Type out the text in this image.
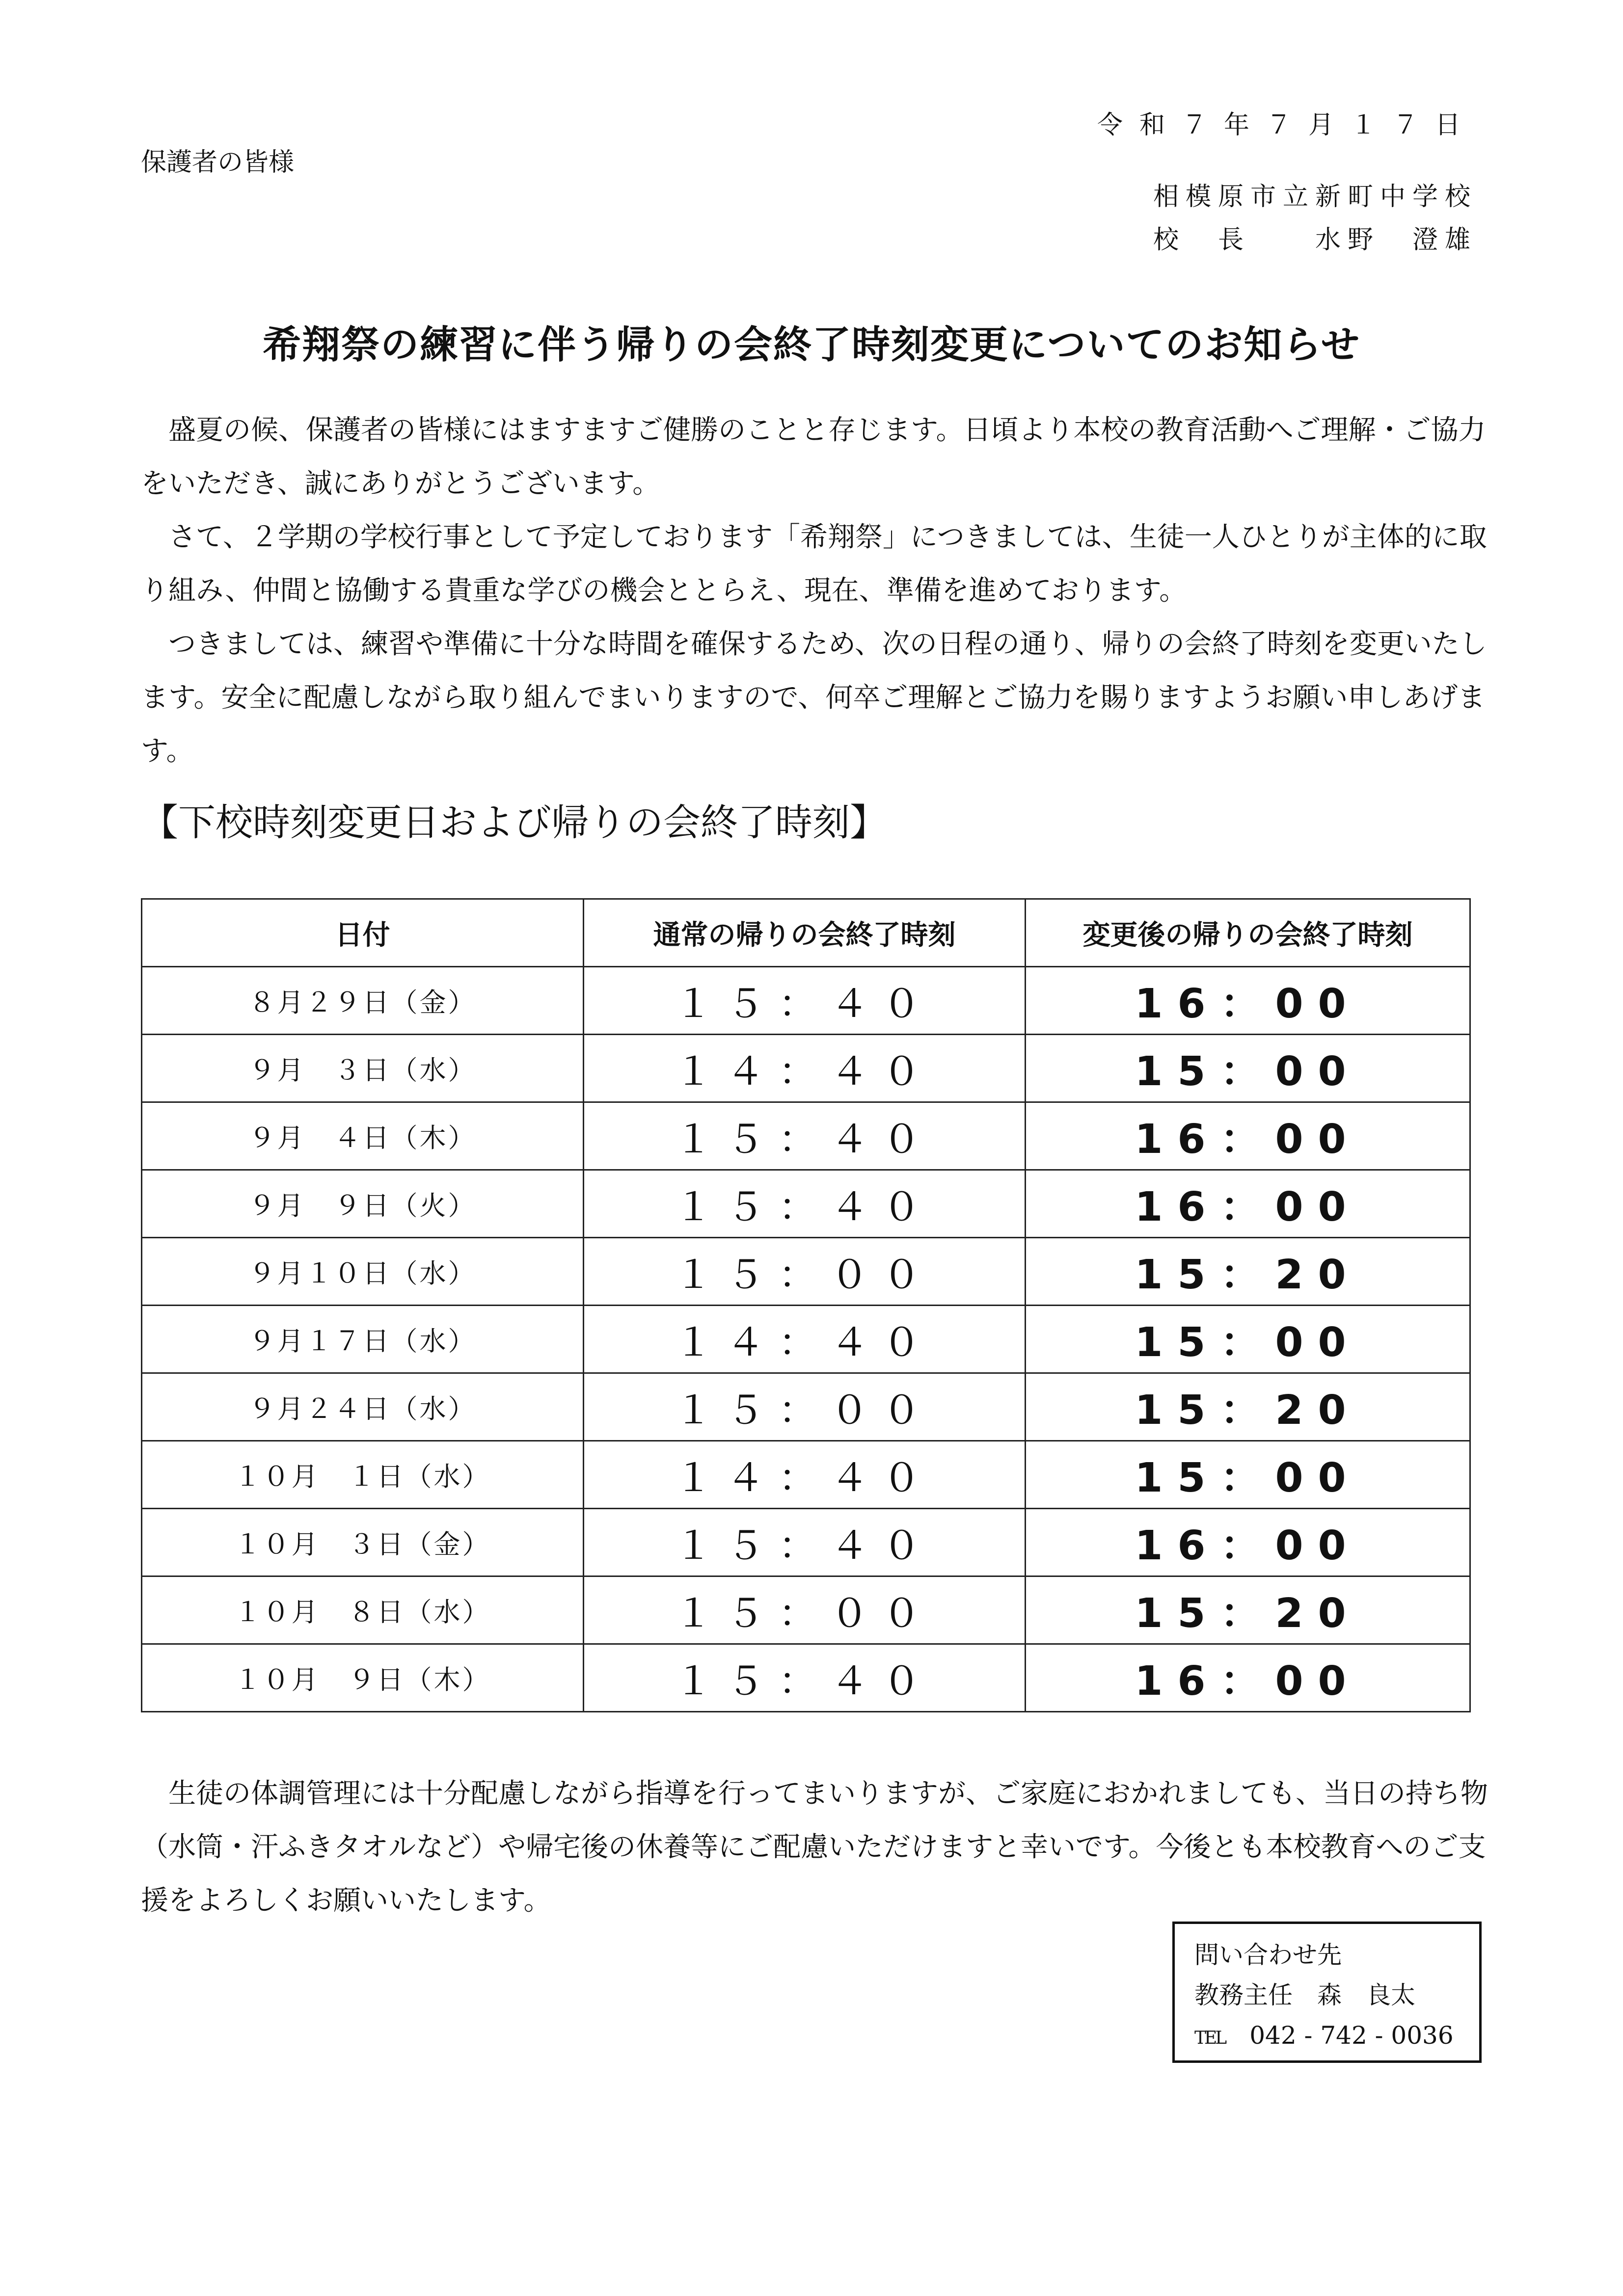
令和７年７月１７日
保護者の皆様
相模原市立新町中学校
校　長　　水野　澄雄
希翔祭の練習に伴う帰りの会終了時刻変更についてのお知らせ

盛夏の候、保護者の皆様にはますますご健勝のことと存じます。日頃より本校の教育活動へご理解・ご協力をいただき、誠にありがとうございます。

さて、２学期の学校行事として予定しております「希翔祭」につきましては、生徒一人ひとりが主体的に取り組み、仲間と協働する貴重な学びの機会ととらえ、現在、準備を進めております。

つきましては、練習や準備に十分な時間を確保するため、次の日程の通り、帰りの会終了時刻を変更いたします。安全に配慮しながら取り組んでまいりますので、何卒ご理解とご協力を賜りますようお願い申しあげます。

【下校時刻変更日および帰りの会終了時刻】
日付	通常の帰りの会終了時刻	変更後の帰りの会終了時刻
８月２９日（金）	１５：４０	16：00
９月　３日（水）	１４：４０	15：00
９月　４日（木）	１５：４０	16：00
９月　９日（火）	１５：４０	16：00
９月１０日（水）	１５：００	15：20
９月１７日（水）	１４：４０	15：00
９月２４日（水）	１５：００	15：20
１０月　１日（水）	１４：４０	15：00
１０月　３日（金）	１５：４０	16：00
１０月　８日（水）	１５：００	15：20
１０月　９日（木）	１５：４０	16：00

生徒の体調管理には十分配慮しながら指導を行ってまいりますが、ご家庭におかれましても、当日の持ち物（水筒・汗ふきタオルなど）や帰宅後の休養等にご配慮いただけますと幸いです。今後とも本校教育へのご支援をよろしくお願いいたします。

問い合わせ先
教務主任　森　良太
TEL　 042 - 742 - 0036
